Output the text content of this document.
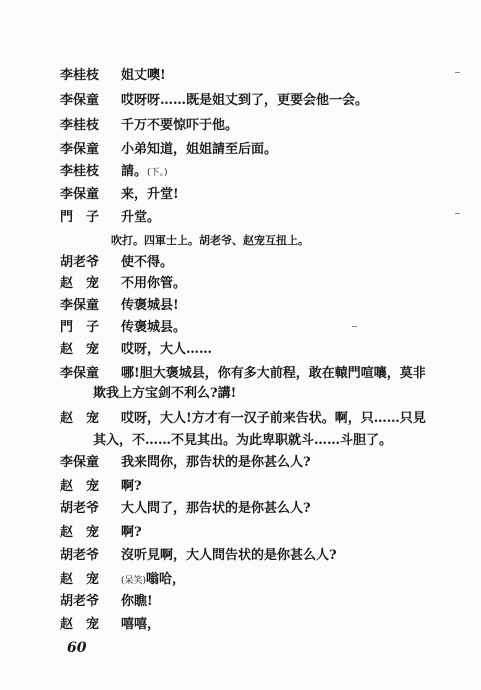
李桂枝 姐丈噢!
李保童 哎呀呀……既是姐丈到了，更要会他一会。
李桂枝 千万不要惊吓于他。
李保童 小弟知道，姐姐請至后面。
李桂枝 請。(下。)
李保童 来，升堂!
門　子 升堂。
吹打。四軍士上。胡老爷、赵宠互扭上。
胡老爷 使不得。
赵　宠 不用你管。
李保童 传褒城县!
門　子 传褒城县。
赵　宠 哎呀，大人……
李保童 哪!胆大褒城县，你有多大前程，敢在轅門喧嚷，莫非
欺我上方宝剑不利么?講!
赵　宠 哎呀，大人!方才有一汉子前来告状。啊，只……只見
其入，不……不見其出。为此卑职就斗……斗胆了。
李保童 我来問你，那告状的是你甚么人?
赵　宠 啊?
胡老爷 大人問了，那告状的是你甚么人?
赵　宠 啊?
胡老爷 沒听見啊，大人問告状的是你甚么人?
赵　宠 (呆笑)嗡哈，
胡老爷 你瞧!
赵　宠 嘻嘻，
60
